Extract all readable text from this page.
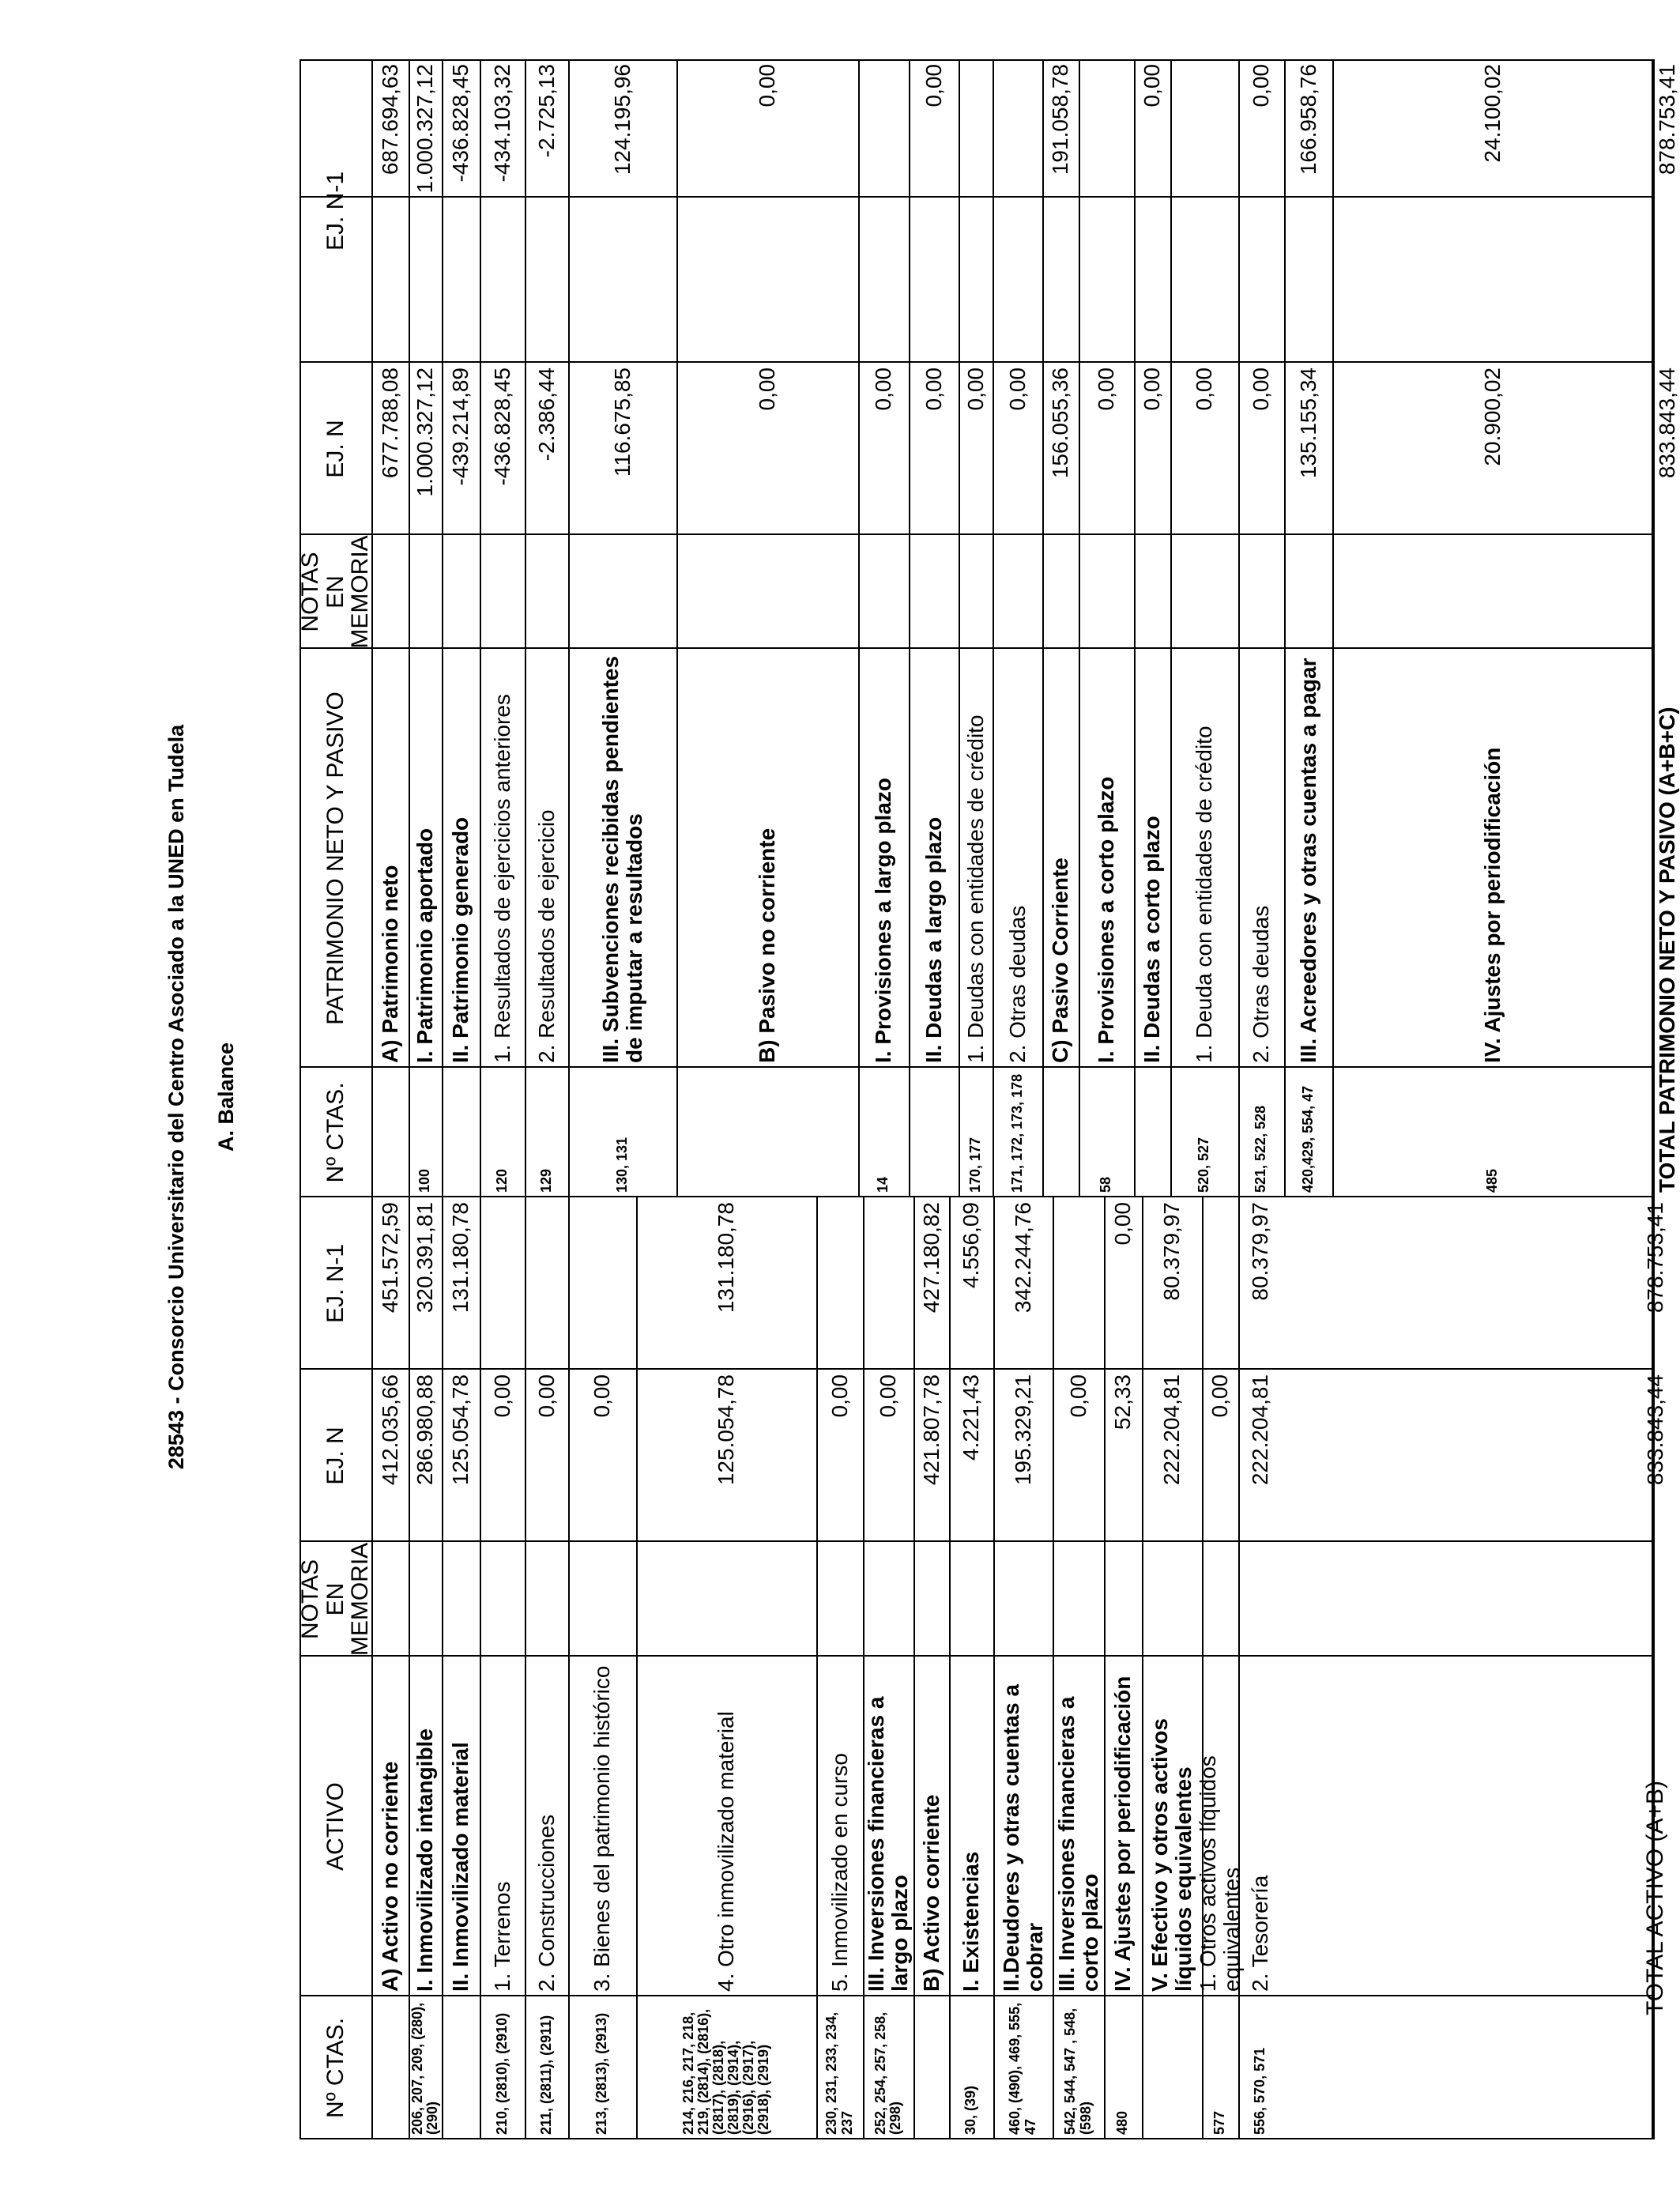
28543 - Consorcio Universitario del Centro Asociado a la UNED en Tudela A. Balance
Nº CTAS.
ACTIVO
NOTAS EN MEMORIA
EJ. N
EJ. N-1
Nº CTAS.
PATRIMONIO NETO Y PASIVO
NOTAS EN MEMORIA
EJ. N
EJ. N-1
A) Activo no corriente
412.035,66
451.572,59
206, 207, 209, (280), (290)
I. Inmovilizado intangible
286.980,88
320.391,81
II. Inmovilizado material
125.054,78
131.180,78
210, (2810), (2910)
1. Terrenos
0,00
211, (2811), (2911)
2. Construcciones
0,00
213, (2813), (2913)
3. Bienes del patrimonio histórico
0,00
214, 216, 217, 218, 219, (2814), (2816), (2817), (2818), (2819), (2914), (2916), (2917), (2918), (2919)
4. Otro inmovilizado material
125.054,78
131.180,78
230, 231, 233, 234, 237
5. Inmovilizado en curso
0,00
252, 254, 257, 258, (298)
III. Inversiones financieras a largo plazo
0,00
B) Activo corriente
421.807,78
427.180,82
30, (39)
I. Existencias
4.221,43
4.556,09
460, (490), 469, 555, 47
II.Deudores y otras cuentas a cobrar
195.329,21
342.244,76
542, 544, 547 , 548, (598)
III. Inversiones financieras a corto plazo
0,00
480
IV. Ajustes por periodificación
52,33
0,00
V. Efectivo y otros activos líquidos equivalentes
222.204,81
80.379,97
577
1. Otros activos líquidos equivalentes
0,00
556, 570, 571
2. Tesorería
222.204,81
80.379,97
TOTAL ACTIVO (A+B)
833.843,44
878.753,41
A) Patrimonio neto
677.788,08
687.694,63
100
I. Patrimonio aportado
1.000.327,12
1.000.327,12
II. Patrimonio generado
-439.214,89
-436.828,45
120
1. Resultados de ejercicios anteriores
-436.828,45
-434.103,32
129
2. Resultados de ejercicio
-2.386,44
-2.725,13
130, 131
III. Subvenciones recibidas pendientes de imputar a resultados
116.675,85
124.195,96
B) Pasivo no corriente
0,00
0,00
14
I. Provisiones a largo plazo
0,00
II. Deudas a largo plazo
0,00
0,00
170, 177
1. Deudas con entidades de crédito
0,00
171, 172, 173, 178
2. Otras deudas
0,00
C) Pasivo Corriente
156.055,36
191.058,78
58
I. Provisiones a corto plazo
0,00
II. Deudas a corto plazo
0,00
0,00
520, 527
1. Deuda con entidades de crédito
0,00
521, 522, 528
2. Otras deudas
0,00
0,00
420,429, 554, 47
III. Acreedores y otras cuentas a pagar
135.155,34
166.958,76
485
IV. Ajustes por periodificación
20.900,02
24.100,02
TOTAL PATRIMONIO NETO Y PASIVO (A+B+C)
833.843,44
878.753,41
